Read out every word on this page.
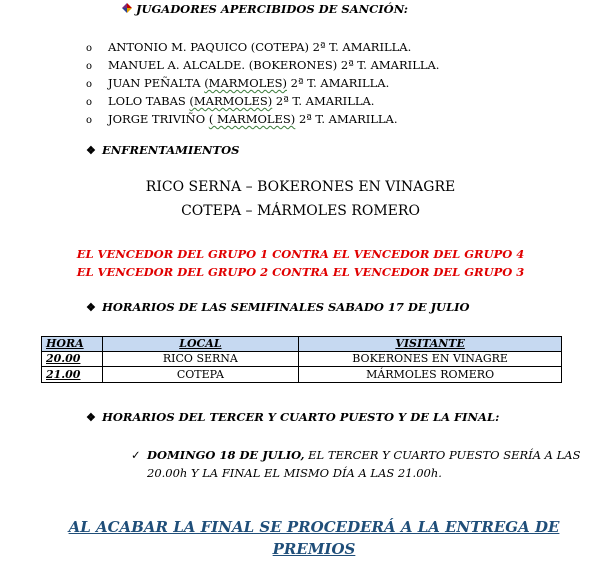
JUGADORES APERCIBIDOS DE SANCIÓN:
o ANTONIO M. PAQUICO (COTEPA) 2ª T. AMARILLA.
o MANUEL A. ALCALDE. (BOKERONES) 2ª T. AMARILLA.
o JUAN PEÑALTA (MARMOLES) 2ª T. AMARILLA.
o LOLO TABAS (MARMOLES) 2ª T. AMARILLA.
o JORGE TRIVIÑO ( MARMOLES) 2ª T. AMARILLA.
❖ ENFRENTAMIENTOS
RICO SERNA – BOKERONES EN VINAGRE
COTEPA – MÁRMOLES ROMERO
EL VENCEDOR DEL GRUPO 1 CONTRA EL VENCEDOR DEL GRUPO 4
EL VENCEDOR DEL GRUPO 2 CONTRA EL VENCEDOR DEL GRUPO 3
❖ HORARIOS DE LAS SEMIFINALES SABADO 17 DE JULIO
HORA	LOCAL	VISITANTE
20.00	RICO SERNA	BOKERONES EN VINAGRE
21.00	COTEPA	MÁRMOLES ROMERO
❖ HORARIOS DEL TERCER Y CUARTO PUESTO Y DE LA FINAL:
✓ DOMINGO 18 DE JULIO, EL TERCER Y CUARTO PUESTO SERÍA A LAS
20.00h Y LA FINAL EL MISMO DÍA A LAS 21.00h.
AL ACABAR LA FINAL SE PROCEDERÁ A LA ENTREGA DE
PREMIOS
